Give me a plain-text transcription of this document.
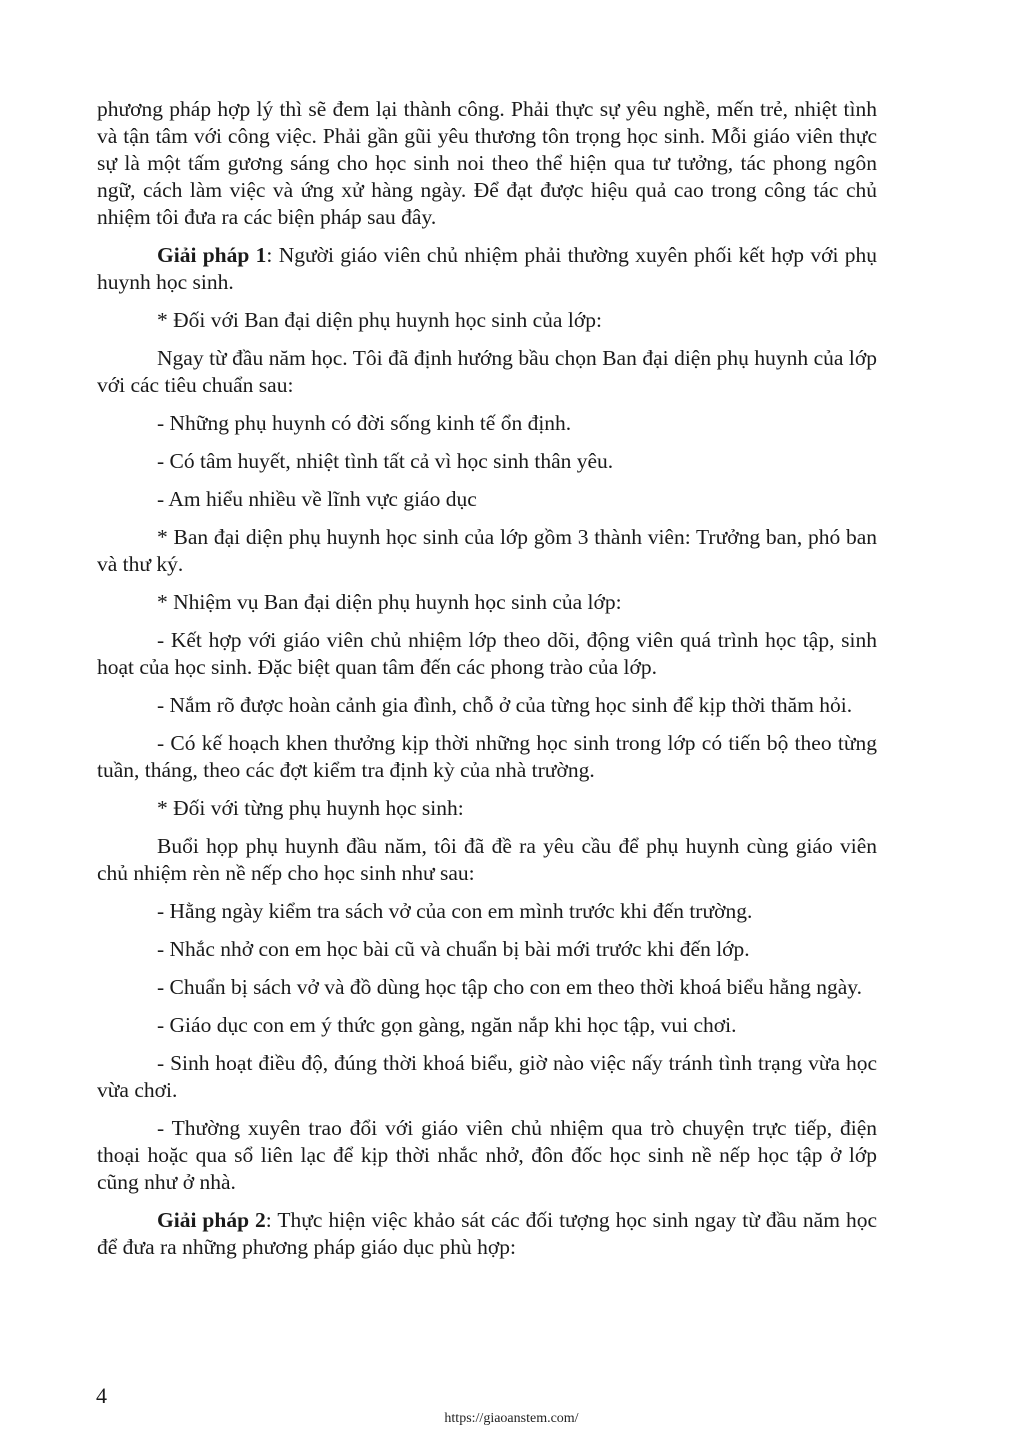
phương pháp hợp lý thì sẽ đem lại thành công. Phải thực sự yêu nghề, mến trẻ, nhiệt tình và tận tâm với công việc. Phải gần gũi yêu thương tôn trọng học sinh. Mỗi giáo viên thực sự là một tấm gương sáng cho học sinh noi theo thể hiện qua tư tưởng, tác phong ngôn ngữ, cách làm việc và ứng xử hàng ngày. Để đạt được hiệu quả cao trong công tác chủ nhiệm tôi đưa ra các biện pháp sau đây.

Giải pháp 1: Người giáo viên chủ nhiệm phải thường xuyên phối kết hợp với phụ huynh học sinh.

* Đối với Ban đại diện phụ huynh học sinh của lớp:

Ngay từ đầu năm học. Tôi đã định hướng bầu chọn Ban đại diện phụ huynh của lớp với các tiêu chuẩn sau:

- Những phụ huynh có đời sống kinh tế ổn định.

- Có tâm huyết, nhiệt tình tất cả vì học sinh thân yêu.

- Am hiểu nhiều về lĩnh vực giáo dục

* Ban đại diện phụ huynh học sinh của lớp gồm 3 thành viên: Trưởng ban, phó ban và thư ký.

* Nhiệm vụ Ban đại diện phụ huynh học sinh của lớp:

- Kết hợp với giáo viên chủ nhiệm lớp theo dõi, động viên quá trình học tập, sinh hoạt của học sinh. Đặc biệt quan tâm đến các phong trào của lớp.

- Nắm rõ được hoàn cảnh gia đình, chỗ ở của từng học sinh để kịp thời thăm hỏi.

- Có kế hoạch khen thưởng kịp thời những học sinh trong lớp có tiến bộ theo từng tuần, tháng, theo các đợt kiểm tra định kỳ của nhà trường.

* Đối với từng phụ huynh học sinh:

Buổi họp phụ huynh đầu năm, tôi đã đề ra yêu cầu để phụ huynh cùng giáo viên chủ nhiệm rèn nề nếp cho học sinh như sau:

- Hằng ngày kiểm tra sách vở của con em mình trước khi đến trường.

- Nhắc nhở con em học bài cũ và chuẩn bị bài mới trước khi đến lớp.

- Chuẩn bị sách vở và đồ dùng học tập cho con em theo thời khoá biểu hằng ngày.

- Giáo dục con em ý thức gọn gàng, ngăn nắp khi học tập, vui chơi.

- Sinh hoạt điều độ, đúng thời khoá biểu, giờ nào việc nấy tránh tình trạng vừa học vừa chơi.

- Thường xuyên trao đổi với giáo viên chủ nhiệm qua trò chuyện trực tiếp, điện thoại hoặc qua sổ liên lạc để kịp thời nhắc nhở, đôn đốc học sinh nề nếp học tập ở lớp cũng như ở nhà.

Giải pháp 2: Thực hiện việc khảo sát các đối tượng học sinh ngay từ đầu năm học để đưa ra những phương pháp giáo dục phù hợp:

4
https://giaoanstem.com/
